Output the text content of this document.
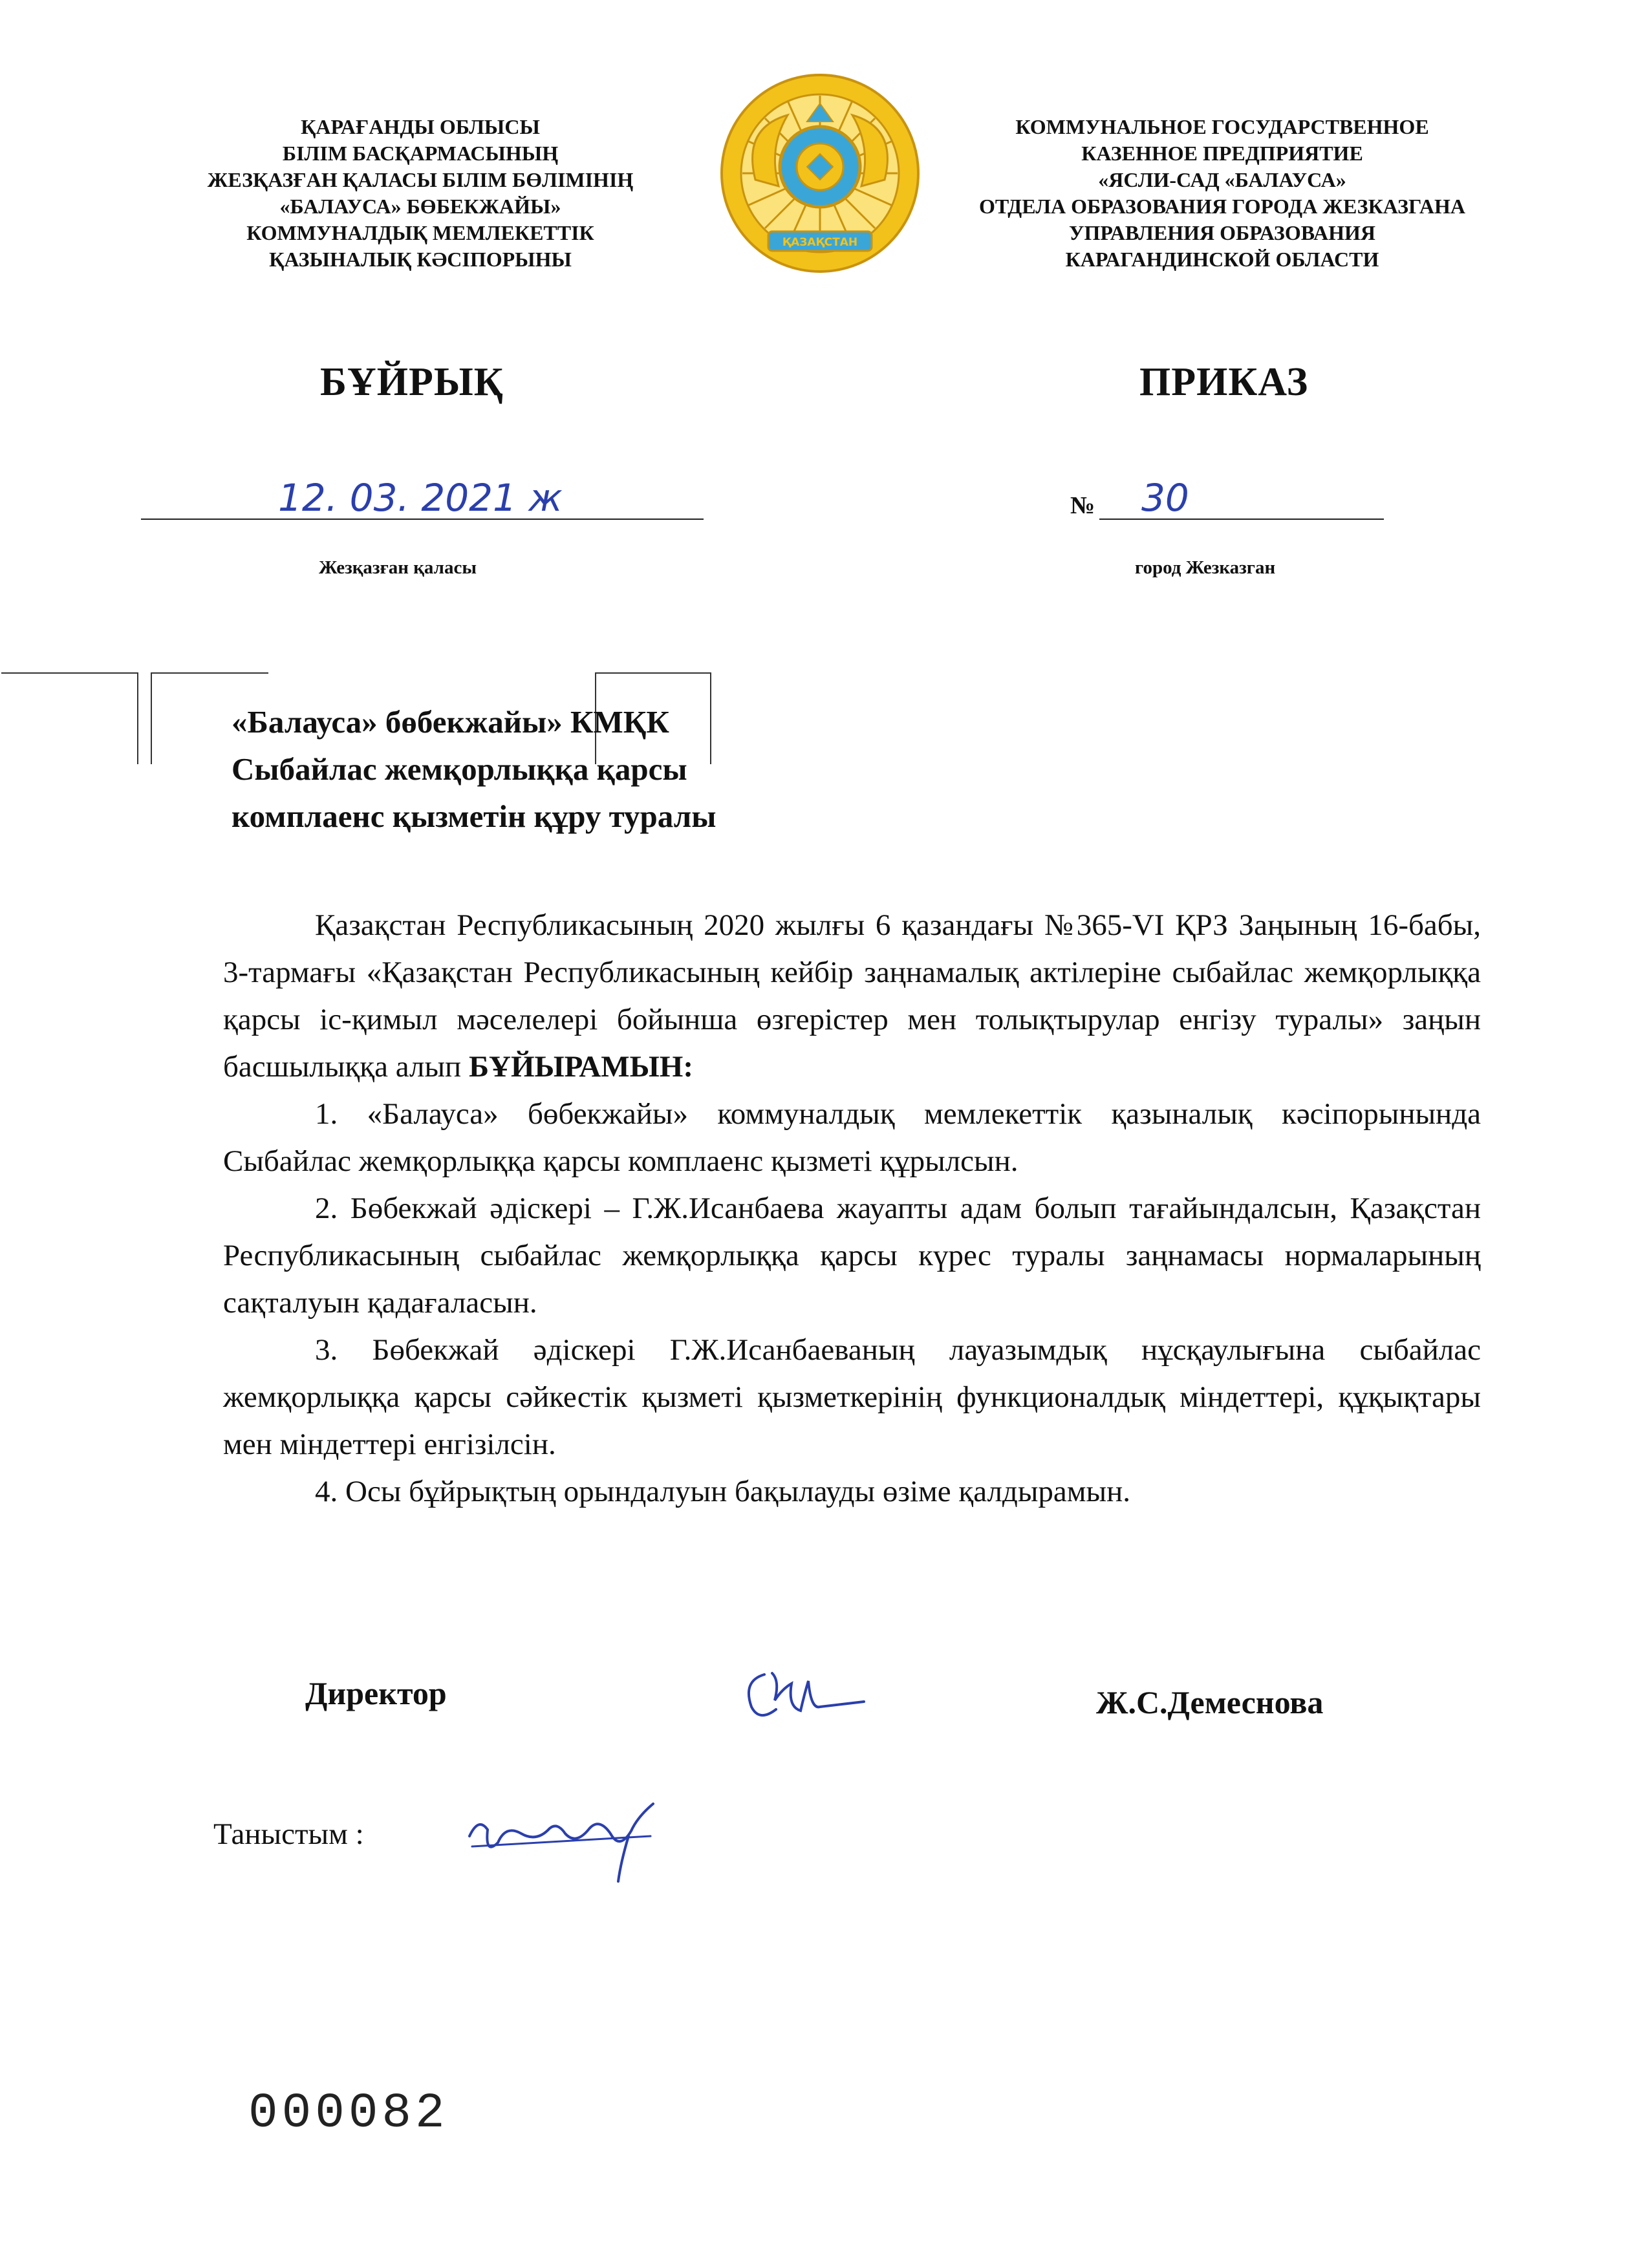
ҚАРАҒАНДЫ ОБЛЫСЫ
БІЛІМ БАСҚАРМАСЫНЫҢ
ЖЕЗҚАЗҒАН ҚАЛАСЫ БІЛІМ БӨЛІМІНІҢ
«БАЛАУСА» БӨБЕКЖАЙЫ»
КОММУНАЛДЫҚ МЕМЛЕКЕТТІК
ҚАЗЫНАЛЫҚ КӘСІПОРЫНЫ
ҚАЗАҚСТАН
КОММУНАЛЬНОЕ ГОСУДАРСТВЕННОЕ
КАЗЕННОЕ ПРЕДПРИЯТИЕ
«ЯСЛИ-САД «БАЛАУСА»
ОТДЕЛА ОБРАЗОВАНИЯ ГОРОДА ЖЕЗКАЗГАНА
УПРАВЛЕНИЯ ОБРАЗОВАНИЯ
КАРАГАНДИНСКОЙ ОБЛАСТИ
БҰЙРЫҚ	ПРИКАЗ
12. 03. 2021 ж	№ 30
Жезқазған қаласы	город Жезказган
«Балауса» бөбекжайы» КМҚК
Сыбайлас жемқорлыққа қарсы
комплаенс қызметін құру туралы
Қазақстан Республикасының 2020 жылғы 6 қазандағы №365-VI ҚРЗ Заңының 16-бабы, 3-тармағы «Қазақстан Республикасының кейбір заңнамалық актілеріне сыбайлас жемқорлыққа қарсы іс-қимыл мәселелері бойынша өзгерістер мен толықтырулар енгізу туралы» заңын басшылыққа алып БҰЙЫРАМЫН:
1. «Балауса» бөбекжайы» коммуналдық мемлекеттік қазыналық кәсіпорынында Сыбайлас жемқорлыққа қарсы комплаенс қызметі құрылсын.
2. Бөбекжай әдіскері – Г.Ж.Исанбаева жауапты адам болып тағайындалсын, Қазақстан Республикасының сыбайлас жемқорлыққа қарсы күрес туралы заңнамасы нормаларының сақталуын қадағаласын.
3. Бөбекжай әдіскері Г.Ж.Исанбаеваның лауазымдық нұсқаулығына сыбайлас жемқорлыққа қарсы сәйкестік қызметі қызметкерінің функционалдық міндеттері, құқықтары мен міндеттері енгізілсін.
4. Осы бұйрықтың орындалуын бақылауды өзіме қалдырамын.
Директор	Ж.С.Демеснова
Таныстым :
000082
